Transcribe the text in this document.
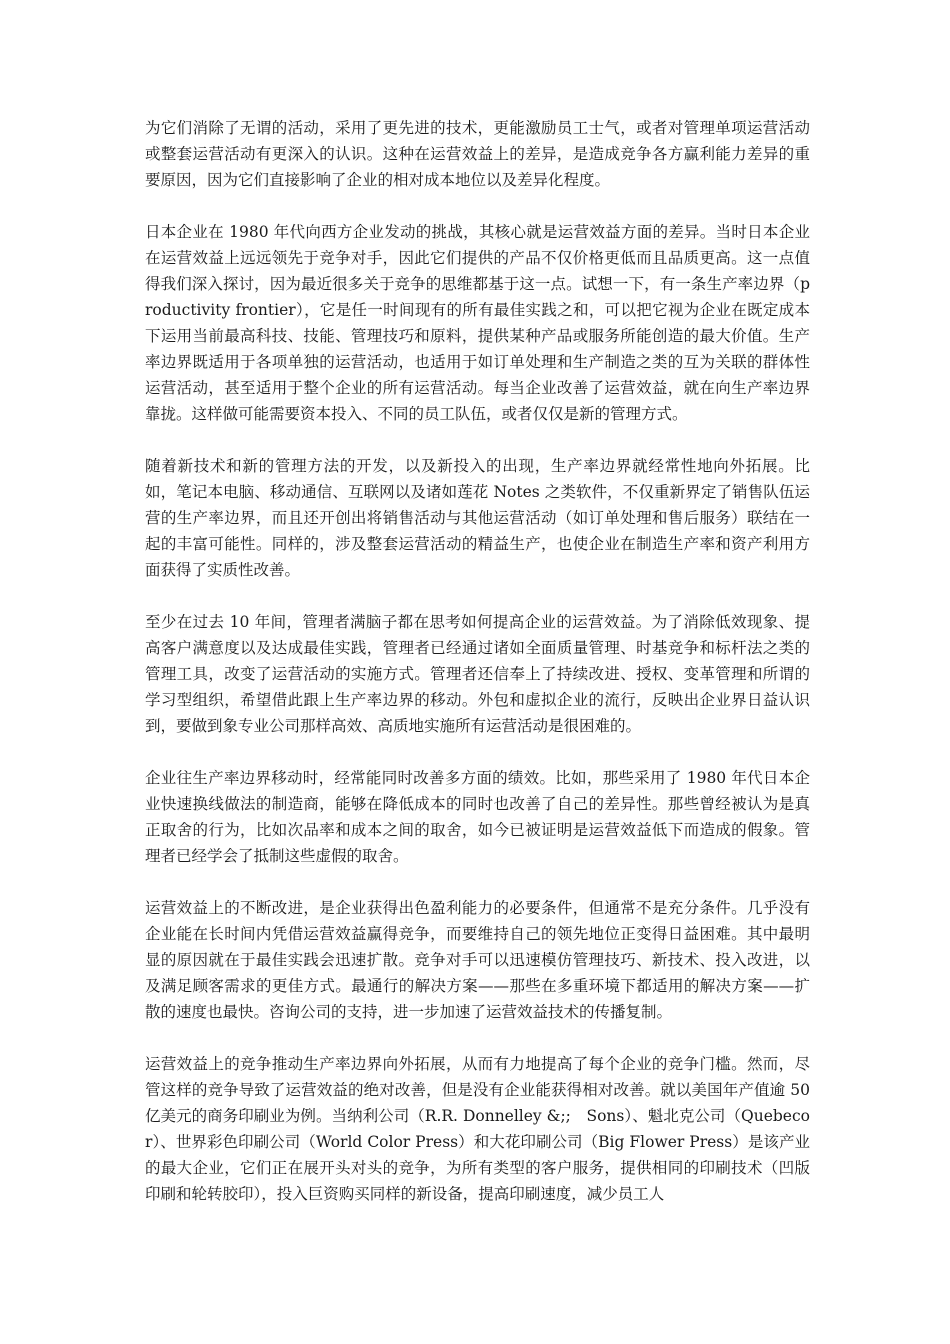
为它们消除了无谓的活动，采用了更先进的技术，更能激励员工士气，或者对管理单项运营活动或整套运营活动有更深入的认识。这种在运营效益上的差异，是造成竞争各方赢利能力差异的重要原因，因为它们直接影响了企业的相对成本地位以及差异化程度。

日本企业在 1980 年代向西方企业发动的挑战，其核心就是运营效益方面的差异。当时日本企业在运营效益上远远领先于竞争对手，因此它们提供的产品不仅价格更低而且品质更高。这一点值得我们深入探讨，因为最近很多关于竞争的思维都基于这一点。试想一下，有一条生产率边界（productivity frontier），它是任一时间现有的所有最佳实践之和，可以把它视为企业在既定成本下运用当前最高科技、技能、管理技巧和原料，提供某种产品或服务所能创造的最大价值。生产率边界既适用于各项单独的运营活动，也适用于如订单处理和生产制造之类的互为关联的群体性运营活动，甚至适用于整个企业的所有运营活动。每当企业改善了运营效益，就在向生产率边界靠拢。这样做可能需要资本投入、不同的员工队伍，或者仅仅是新的管理方式。

随着新技术和新的管理方法的开发，以及新投入的出现，生产率边界就经常性地向外拓展。比如，笔记本电脑、移动通信、互联网以及诸如莲花 Notes 之类软件，不仅重新界定了销售队伍运营的生产率边界，而且还开创出将销售活动与其他运营活动（如订单处理和售后服务）联结在一起的丰富可能性。同样的，涉及整套运营活动的精益生产，也使企业在制造生产率和资产利用方面获得了实质性改善。

至少在过去 10 年间，管理者满脑子都在思考如何提高企业的运营效益。为了消除低效现象、提高客户满意度以及达成最佳实践，管理者已经通过诸如全面质量管理、时基竞争和标杆法之类的管理工具，改变了运营活动的实施方式。管理者还信奉上了持续改进、授权、变革管理和所谓的学习型组织，希望借此跟上生产率边界的移动。外包和虚拟企业的流行，反映出企业界日益认识到，要做到象专业公司那样高效、高质地实施所有运营活动是很困难的。

企业往生产率边界移动时，经常能同时改善多方面的绩效。比如，那些采用了 1980 年代日本企业快速换线做法的制造商，能够在降低成本的同时也改善了自己的差异性。那些曾经被认为是真正取舍的行为，比如次品率和成本之间的取舍，如今已被证明是运营效益低下而造成的假象。管理者已经学会了抵制这些虚假的取舍。

运营效益上的不断改进，是企业获得出色盈利能力的必要条件，但通常不是充分条件。几乎没有企业能在长时间内凭借运营效益赢得竞争，而要维持自己的领先地位正变得日益困难。其中最明显的原因就在于最佳实践会迅速扩散。竞争对手可以迅速模仿管理技巧、新技术、投入改进，以及满足顾客需求的更佳方式。最通行的解决方案——那些在多重环境下都适用的解决方案——扩散的速度也最快。咨询公司的支持，进一步加速了运营效益技术的传播复制。

运营效益上的竞争推动生产率边界向外拓展，从而有力地提高了每个企业的竞争门槛。然而，尽管这样的竞争导致了运营效益的绝对改善，但是没有企业能获得相对改善。就以美国年产值逾 50 亿美元的商务印刷业为例。当纳利公司（R.R. Donnelley &;;　Sons）、魁北克公司（Quebecor）、世界彩色印刷公司（World Color Press）和大花印刷公司（Big Flower Press）是该产业的最大企业，它们正在展开头对头的竞争，为所有类型的客户服务，提供相同的印刷技术（凹版印刷和轮转胶印），投入巨资购买同样的新设备，提高印刷速度，减少员工人
